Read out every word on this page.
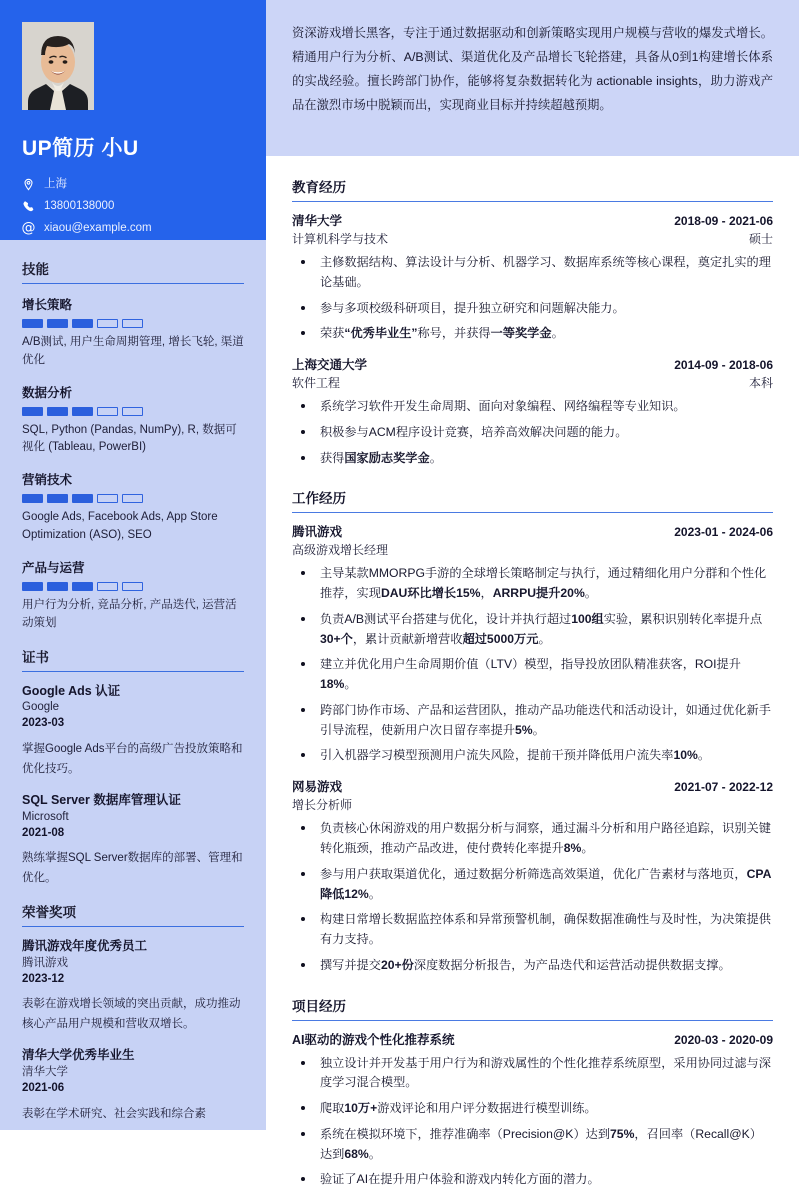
UP简历 小U
上海
13800138000
@ xiaou@example.com
技能
增长策略
A/B测试, 用户生命周期管理, 增长飞轮, 渠道优化
数据分析
SQL, Python (Pandas, NumPy), R, 数据可视化 (Tableau, PowerBI)
营销技术
Google Ads, Facebook Ads, App Store Optimization (ASO), SEO
产品与运营
用户行为分析, 竞品分析, 产品迭代, 运营活动策划
证书
Google Ads 认证
Google
2023-03
掌握Google Ads平台的高级广告投放策略和优化技巧。
SQL Server 数据库管理认证
Microsoft
2021-08
熟练掌握SQL Server数据库的部署、管理和优化。
荣誉奖项
腾讯游戏年度优秀员工
腾讯游戏
2023-12
表彰在游戏增长领域的突出贡献，成功推动核心产品用户规模和营收双增长。
清华大学优秀毕业生
清华大学
2021-06
表彰在学术研究、社会实践和综合素

资深游戏增长黑客，专注于通过数据驱动和创新策略实现用户规模与营收的爆发式增长。精通用户行为分析、A/B测试、渠道优化及产品增长飞轮搭建，具备从0到1构建增长体系的实战经验。擅长跨部门协作，能够将复杂数据转化为 actionable insights，助力游戏产品在激烈市场中脱颖而出，实现商业目标并持续超越预期。

教育经历
清华大学	2018-09 - 2021-06
计算机科学与技术	硕士
主修数据结构、算法设计与分析、机器学习、数据库系统等核心课程，奠定扎实的理论基础。
参与多项校级科研项目，提升独立研究和问题解决能力。
荣获“优秀毕业生”称号，并获得一等奖学金。
上海交通大学	2014-09 - 2018-06
软件工程	本科
系统学习软件开发生命周期、面向对象编程、网络编程等专业知识。
积极参与ACM程序设计竞赛，培养高效解决问题的能力。
获得国家励志奖学金。
工作经历
腾讯游戏	2023-01 - 2024-06
高级游戏增长经理
主导某款MMORPG手游的全球增长策略制定与执行，通过精细化用户分群和个性化推荐，实现DAU环比增长15%，ARRPU提升20%。
负责A/B测试平台搭建与优化，设计并执行超过100组实验，累积识别转化率提升点30+个，累计贡献新增营收超过5000万元。
建立并优化用户生命周期价值（LTV）模型，指导投放团队精准获客，ROI提升18%。
跨部门协作市场、产品和运营团队，推动产品功能迭代和活动设计，如通过优化新手引导流程，使新用户次日留存率提升5%。
引入机器学习模型预测用户流失风险，提前干预并降低用户流失率10%。
网易游戏	2021-07 - 2022-12
增长分析师
负责核心休闲游戏的用户数据分析与洞察，通过漏斗分析和用户路径追踪，识别关键转化瓶颈，推动产品改进，使付费转化率提升8%。
参与用户获取渠道优化，通过数据分析筛选高效渠道，优化广告素材与落地页，CPA降低12%。
构建日常增长数据监控体系和异常预警机制，确保数据准确性与及时性，为决策提供有力支持。
撰写并提交20+份深度数据分析报告，为产品迭代和运营活动提供数据支撑。
项目经历
AI驱动的游戏个性化推荐系统	2020-03 - 2020-09
独立设计并开发基于用户行为和游戏属性的个性化推荐系统原型，采用协同过滤与深度学习混合模型。
爬取10万+游戏评论和用户评分数据进行模型训练。
系统在模拟环境下，推荐准确率（Precision@K）达到75%，召回率（Recall@K）达到68%。
验证了AI在提升用户体验和游戏内转化方面的潜力。
